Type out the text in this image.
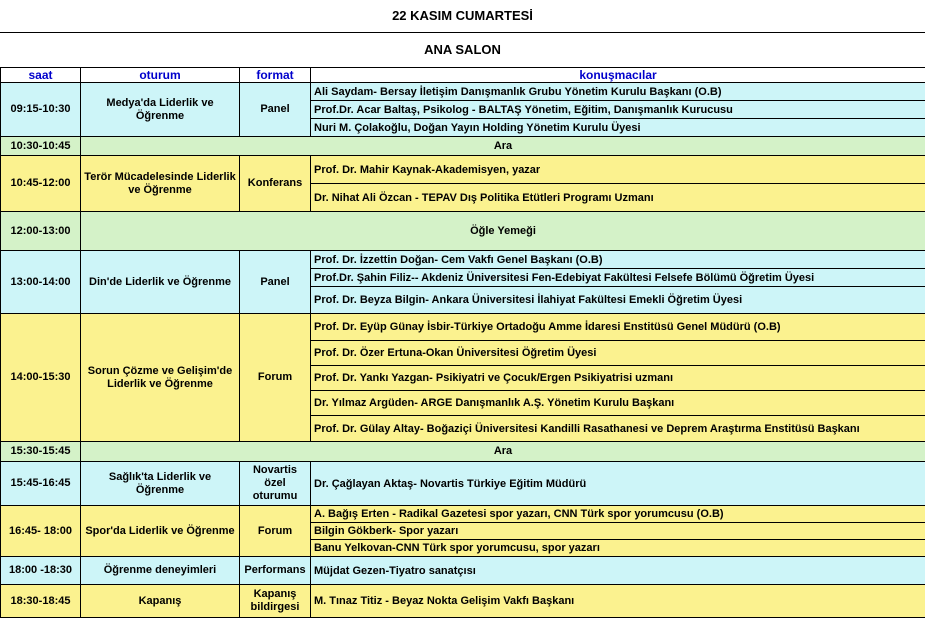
22 KASIM CUMARTESİ
ANA SALON
saat	oturum	format	konuşmacılar
09:15-10:30	Medya'da Liderlik ve Öğrenme	Panel	Ali Saydam- Bersay İletişim Danışmanlık Grubu Yönetim Kurulu Başkanı (O.B)
			Prof.Dr. Acar Baltaş, Psikolog - BALTAŞ Yönetim, Eğitim, Danışmanlık Kurucusu
			Nuri M. Çolakoğlu, Doğan Yayın Holding Yönetim Kurulu Üyesi
10:30-10:45	Ara		
10:45-12:00	Terör Mücadelesinde Liderlik ve Öğrenme	Konferans	Prof. Dr. Mahir Kaynak-Akademisyen, yazar
			Dr. Nihat Ali Özcan - TEPAV Dış Politika Etütleri Programı Uzmanı
12:00-13:00	Öğle Yemeği		
13:00-14:00	Din'de Liderlik ve Öğrenme	Panel	Prof. Dr. İzzettin Doğan- Cem Vakfı Genel Başkanı (O.B)
			Prof.Dr. Şahin Filiz-- Akdeniz Üniversitesi Fen-Edebiyat Fakültesi Felsefe Bölümü Öğretim Üyesi
			Prof. Dr. Beyza Bilgin- Ankara Üniversitesi İlahiyat Fakültesi Emekli Öğretim Üyesi
14:00-15:30	Sorun Çözme ve Gelişim'de Liderlik ve Öğrenme	Forum	Prof. Dr. Eyüp Günay İsbir-Türkiye Ortadoğu Amme İdaresi Enstitüsü Genel Müdürü (O.B)
			Prof. Dr. Özer Ertuna-Okan Üniversitesi Öğretim Üyesi
			Prof. Dr. Yankı Yazgan- Psikiyatri ve Çocuk/Ergen Psikiyatrisi uzmanı
			Dr. Yılmaz Argüden- ARGE Danışmanlık A.Ş. Yönetim Kurulu Başkanı
			Prof. Dr. Gülay Altay- Boğaziçi Üniversitesi Kandilli Rasathanesi ve Deprem Araştırma Enstitüsü Başkanı
15:30-15:45	Ara		
15:45-16:45	Sağlık'ta Liderlik ve Öğrenme	Novartis özel oturumu	Dr. Çağlayan Aktaş- Novartis Türkiye Eğitim Müdürü
16:45- 18:00	Spor'da Liderlik ve Öğrenme	Forum	A. Bağış Erten - Radikal Gazetesi spor yazarı, CNN Türk spor yorumcusu (O.B)
			Bilgin Gökberk- Spor yazarı
			Banu Yelkovan-CNN Türk spor yorumcusu, spor yazarı
18:00 -18:30	Öğrenme deneyimleri	Performans	Müjdat Gezen-Tiyatro sanatçısı
18:30-18:45	Kapanış	Kapanış bildirgesi	M. Tınaz Titiz - Beyaz Nokta Gelişim Vakfı Başkanı
